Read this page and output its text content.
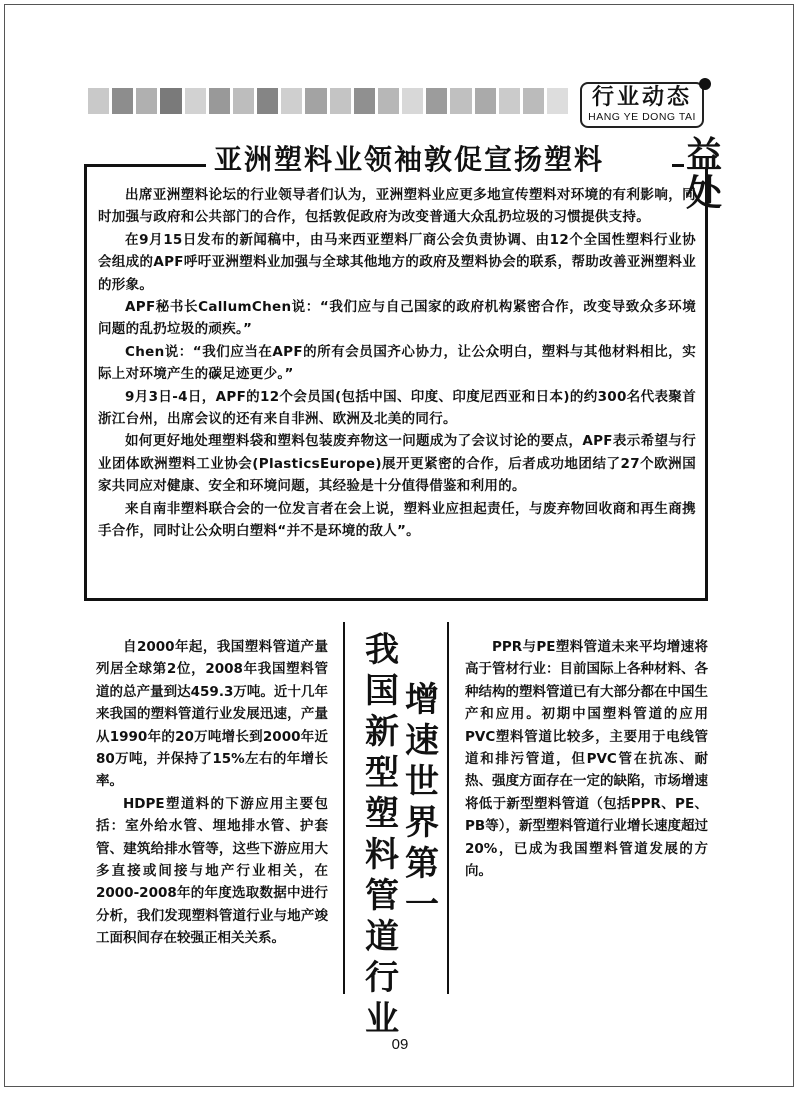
行业动态
HANG YE DONG TAI
亚洲塑料业领袖敦促宣扬塑料	益
处

出席亚洲塑料论坛的行业领导者们认为，亚洲塑料业应更多地宣传塑料对环境的有利影响，同时加强与政府和公共部门的合作，包括敦促政府为改变普通大众乱扔垃圾的习惯提供支持。

在9月15日发布的新闻稿中，由马来西亚塑料厂商公会负责协调、由12个全国性塑料行业协会组成的APF呼吁亚洲塑料业加强与全球其他地方的政府及塑料协会的联系，帮助改善亚洲塑料业的形象。

APF秘书长CallumChen说：“我们应与自己国家的政府机构紧密合作，改变导致众多环境问题的乱扔垃圾的顽疾。”

Chen说：“我们应当在APF的所有会员国齐心协力，让公众明白，塑料与其他材料相比，实际上对环境产生的碳足迹更少。”

9月3日-4日，APF的12个会员国(包括中国、印度、印度尼西亚和日本)的约300名代表聚首浙江台州，出席会议的还有来自非洲、欧洲及北美的同行。

如何更好地处理塑料袋和塑料包装废弃物这一问题成为了会议讨论的要点，APF表示希望与行业团体欧洲塑料工业协会(PlasticsEurope)展开更紧密的合作，后者成功地团结了27个欧洲国家共同应对健康、安全和环境问题，其经验是十分值得借鉴和利用的。

来自南非塑料联合会的一位发言者在会上说，塑料业应担起责任，与废弃物回收商和再生商携手合作，同时让公众明白塑料“并不是环境的敌人”。

自2000年起，我国塑料管道产量列居全球第2位，2008年我国塑料管道的总产量到达459.3万吨。近十几年来我国的塑料管道行业发展迅速，产量从1990年的20万吨增长到2000年近80万吨，并保持了15%左右的年增长率。

HDPE塑道料的下游应用主要包括：室外给水管、埋地排水管、护套管、建筑给排水管等，这些下游应用大多直接或间接与地产行业相关，在2000-2008年的年度选取数据中进行分析，我们发现塑料管道行业与地产竣工面积间存在较强正相关关系。

我
国
新
型
塑
料
管
道
行
业
增
速
世
界
第
一

PPR与PE塑料管道未来平均增速将高于管材行业：目前国际上各种材料、各种结构的塑料管道已有大部分都在中国生产和应用。初期中国塑料管道的应用PVC塑料管道比较多，主要用于电线管道和排污管道，但PVC管在抗冻、耐热、强度方面存在一定的缺陷，市场增速将低于新型塑料管道（包括PPR、PE、PB等），新型塑料管道行业增长速度超过20%，已成为我国塑料管道发展的方向。

09
